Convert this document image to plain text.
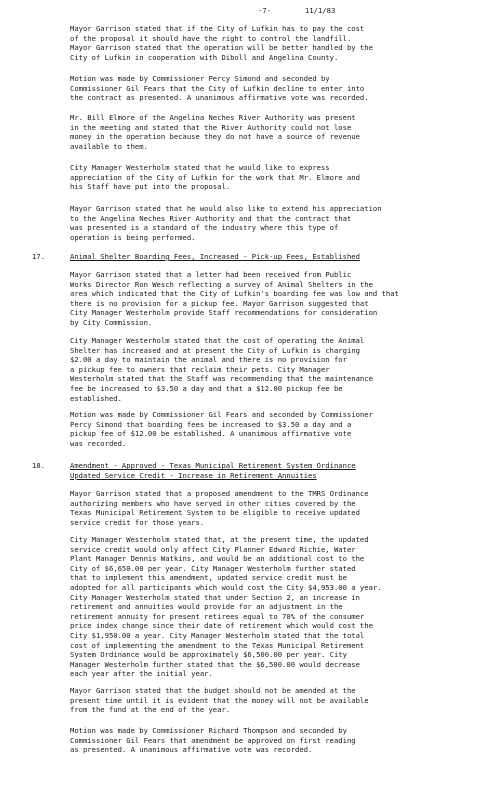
-7-	11/1/83

Mayor Garrison stated that if the City of Lufkin has to pay the cost
of the proposal it should have the right to control the landfill.
Mayor Garrison stated that the operation will be better handled by the
City of Lufkin in cooperation with Diboll and Angelina County.

Motion was made by Commissioner Percy Simond and seconded by
Commissioner Gil Fears that the City of Lufkin decline to enter into
the contract as presented. A unanimous affirmative vote was recorded.

Mr. Bill Elmore of the Angelina Neches River Authority was present
in the meeting and stated that the River Authority could not lose
money in the operation because they do not have a source of revenue
available to them.

City Manager Westerholm stated that he would like to express
appreciation of the City of Lufkin for the work that Mr. Elmore and
his Staff have put into the proposal.

Mayor Garrison stated that he would also like to extend his appreciation
to the Angelina Neches River Authority and that the contract that
was presented is a standard of the industry where this type of
operation is being performed.

17.	Animal Shelter Boarding Fees, Increased - Pick-up Fees, Established

Mayor Garrison stated that a letter had been received from Public
Works Director Ron Wesch reflecting a survey of Animal Shelters in the
area which indicated that the City of Lufkin's boarding fee was low and that
there is no provision for a pickup fee. Mayor Garrison suggested that
City Manager Westerholm provide Staff recommendations for consideration
by City Commission.

City Manager Westerholm stated that the cost of operating the Animal
Shelter has increased and at present the City of Lufkin is charging
$2.00 a day to maintain the animal and there is no provision for
a pickup fee to owners that reclaim their pets. City Manager
Westerholm stated that the Staff was recommending that the maintenance
fee be increased to $3.50 a day and that a $12.00 pickup fee be
established.

Motion was made by Commissioner Gil Fears and seconded by Commissioner
Percy Simond that boarding fees be increased to $3.50 a day and a
pickup fee of $12.00 be established. A unanimous affirmative vote
was recorded.

18.	Amendment - Approved - Texas Municipal Retirement System Ordinance
Updated Service Credit - Increase in Retirement Annuities

Mayor Garrison stated that a proposed amendment to the TMRS Ordinance
authorizing members who have served in other cities covered by the
Texas Municipal Retirement System to be eligible to receive updated
service credit for those years.

City Manager Westerholm stated that, at the present time, the updated
service credit would only affect City Planner Edward Richie, Water
Plant Manager Dennis Watkins, and would be an additional cost to the
City of $6,650.00 per year. City Manager Westerholm further stated
that to implement this amendment, updated service credit must be
adopted for all participants which would cost the City $4,953.00 a year.
City Manager Westerholm stated that under Section 2, an increase in
retirement and annuities would provide for an adjustment in the
retirement annuity for present retirees equal to 70% of the consumer
price index change since their date of retirement which would cost the
City $1,950.00 a year. City Manager Westerholm stated that the total
cost of implementing the amendment to the Texas Municipal Retirement
System Ordinance would be approximately $6,500.00 per year. City
Manager Westerholm further stated that the $6,500.00 would decrease
each year after the initial year.

Mayor Garrison stated that the budget should not be amended at the
present time until it is evident that the money will not be available
from the fund at the end of the year.

Motion was made by Commissioner Richard Thompson and seconded by
Commissioner Gil Fears that amendment be approved on first reading
as presented. A unanimous affirmative vote was recorded.
